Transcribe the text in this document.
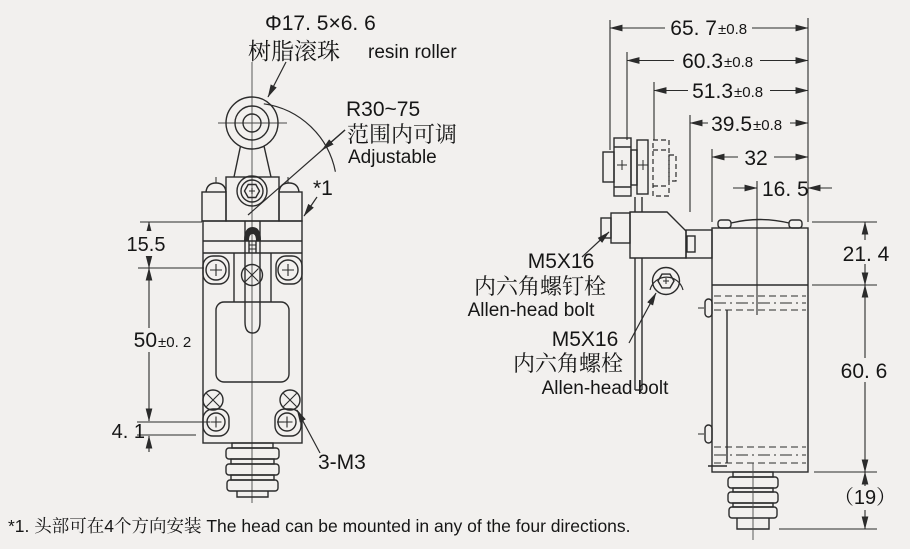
Φ17. 5×6. 6
树脂滚珠 resin roller
R30~75
范围内可调
Adjustable
*1
15.5
50 ±0. 2
4. 1
3-M3
65. 7 ±0.8
60.3 ±0.8
51.3 ±0.8
39.5 ±0.8
32
16. 5
21. 4
60. 6
（19）
M5X16
内六角螺钉栓
Allen-head bolt
M5X16
内六角螺栓
Allen-head bolt
*1. 头部可在4个方向安装 The head can be mounted in any of the four directions.
